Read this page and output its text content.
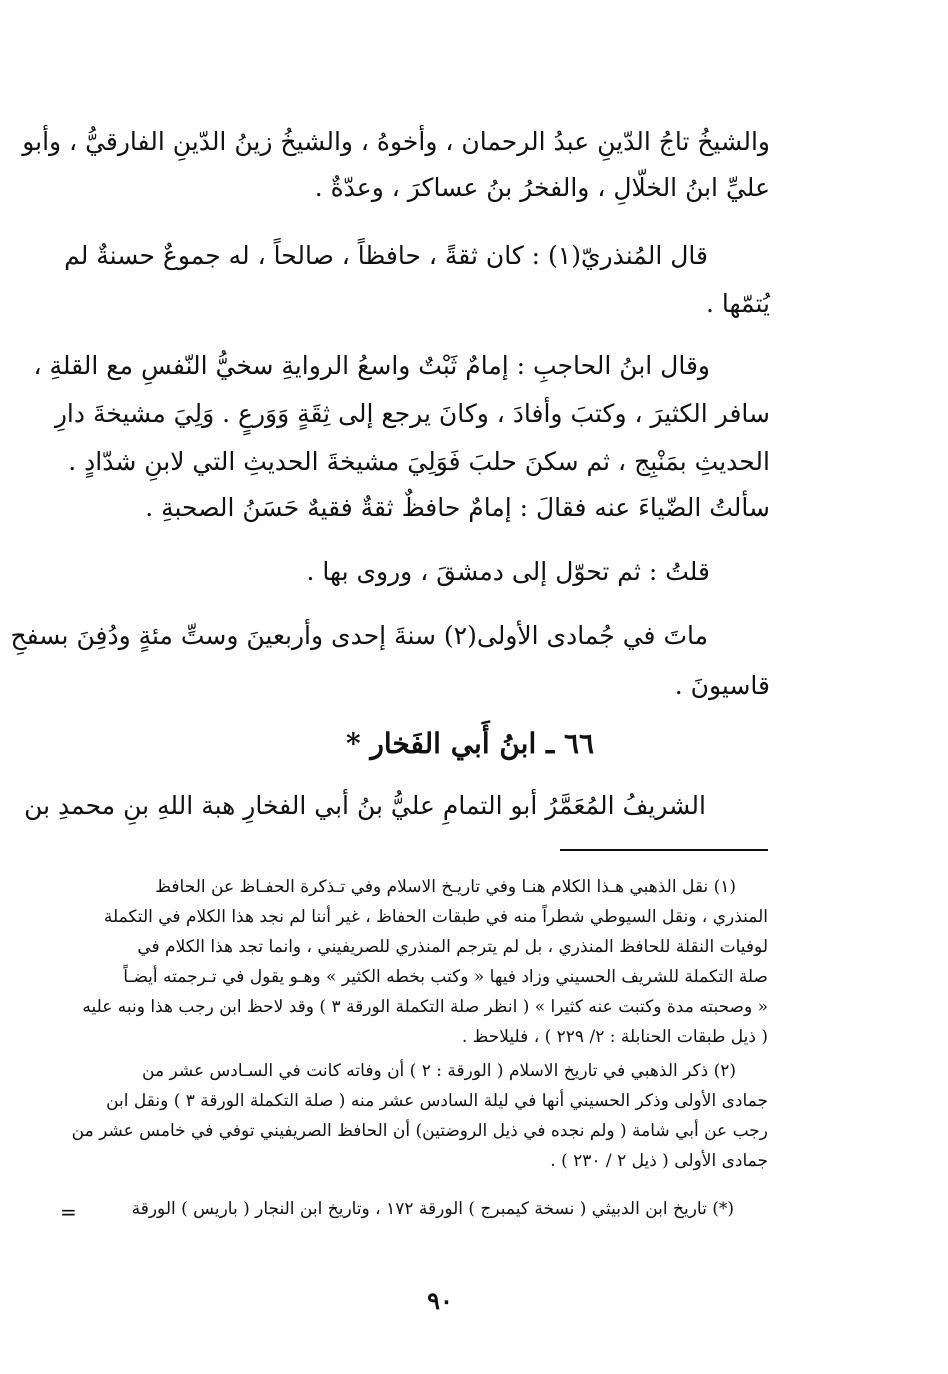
والشيخُ تاجُ الدّينِ عبدُ الرحمان ، وأخوهُ ، والشيخُ زينُ الدّينِ الفارقيُّ ، وأبو
عليِّ ابنُ الخلّالِ ، والفخرُ بنُ عساكرَ ، وعدّةٌ .
قال المُنذريّ(١) : كان ثقةً ، حافظاً ، صالحاً ، له جموعٌ حسنةٌ لم
يُتمّها .
وقال ابنُ الحاجبِ : إمامٌ ثَبْتٌ واسعُ الروايةِ سخيُّ النّفسِ مع القلةِ ،
سافر الكثيرَ ، وكتبَ وأفادَ ، وكانَ يرجع إلى ثِقَةٍ وَوَرعٍ . وَلِيَ مشيخةَ دارِ
الحديثِ بمَنْبِج ، ثم سكنَ حلبَ فَوَلِيَ مشيخةَ الحديثِ التي لابنِ شدّادٍ .
سألتُ الضّياءَ عنه فقالَ : إمامٌ حافظٌ ثقةٌ فقيهٌ حَسَنُ الصحبةِ .
قلتُ : ثم تحوّل إلى دمشقَ ، وروى بها .
ماتَ في جُمادى الأولى(٢) سنةَ إحدى وأربعينَ وستِّ مئةٍ ودُفِنَ بسفحِ
قاسيونَ .
٦٦ ـ ابنُ أَبي الفَخار *
الشريفُ المُعَمَّرُ أبو التمامِ عليُّ بنُ أبي الفخارِ هبة اللهِ بنِ محمدِ بن
(١) نقل الذهبي هـذا الكلام هنـا وفي تاريـخ الاسلام وفي تـذكرة الحفـاظ عن الحافظ
المنذري ، ونقل السيوطي شطراً منه في طبقات الحفاظ ، غير أننا لم نجد هذا الكلام في التكملة
لوفيات النقلة للحافظ المنذري ، بل لم يترجم المنذري للصريفيني ، وانما تجد هذا الكلام في
صلة التكملة للشريف الحسيني وزاد فيها « وكتب بخطه الكثير » وهـو يقول في تـرجمته أيضـاً
« وصحبته مدة وكتبت عنه كثيرا » ( انظر صلة التكملة الورقة ٣ ) وقد لاحظ ابن رجب هذا ونبه عليه
( ذيل طبقات الحنابلة : ٢/ ٢٢٩ ) ، فليلاحظ .
(٢) ذكر الذهبي في تاريخ الاسلام ( الورقة : ٢ ) أن وفاته كانت في السـادس عشر من
جمادى الأولى وذكر الحسيني أنها في ليلة السادس عشر منه ( صلة التكملة الورقة ٣ ) ونقل ابن
رجب عن أبي شامة ( ولم نجده في ذيل الروضتين) أن الحافظ الصريفيني توفي في خامس عشر من
جمادى الأولى ( ذيل ٢ / ٢٣٠ ) .
(*) تاريخ ابن الدبيثي ( نسخة كيمبرج ) الورقة ١٧٢ ، وتاريخ ابن النجار ( باريس ) الورقة
=
٩٠
